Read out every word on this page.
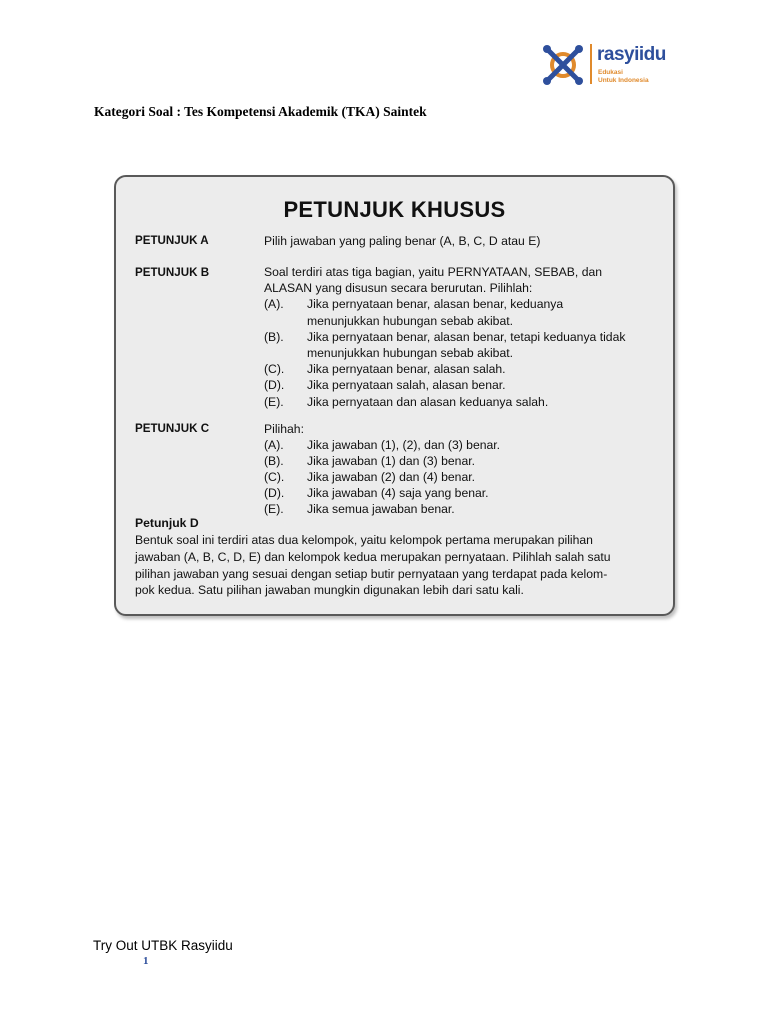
rasyiidu
Edukasi
Untuk Indonesia
Kategori Soal : Tes Kompetensi Akademik (TKA) Saintek
PETUNJUK KHUSUS
PETUNJUK A	Pilih jawaban yang paling benar (A, B, C, D atau E)
PETUNJUK B	Soal terdiri atas tiga bagian, yaitu PERNYATAAN, SEBAB, dan
ALASAN yang disusun secara berurutan. Pilihlah:
(A). Jika pernyataan benar, alasan benar, keduanya
menunjukkan hubungan sebab akibat.
(B). Jika pernyataan benar, alasan benar, tetapi keduanya tidak
menunjukkan hubungan sebab akibat.
(C). Jika pernyataan benar, alasan salah.
(D). Jika pernyataan salah, alasan benar.
(E). Jika pernyataan dan alasan keduanya salah.
PETUNJUK C	Pilihah:
(A). Jika jawaban (1), (2), dan (3) benar.
(B). Jika jawaban (1) dan (3) benar.
(C). Jika jawaban (2) dan (4) benar.
(D). Jika jawaban (4) saja yang benar.
(E). Jika semua jawaban benar.
Petunjuk D
Bentuk soal ini terdiri atas dua kelompok, yaitu kelompok pertama merupakan pilihan
jawaban (A, B, C, D, E) dan kelompok kedua merupakan pernyataan. Pilihlah salah satu
pilihan jawaban yang sesuai dengan setiap butir pernyataan yang terdapat pada kelom-
pok kedua. Satu pilihan jawaban mungkin digunakan lebih dari satu kali.
Try Out UTBK Rasyiidu
1
